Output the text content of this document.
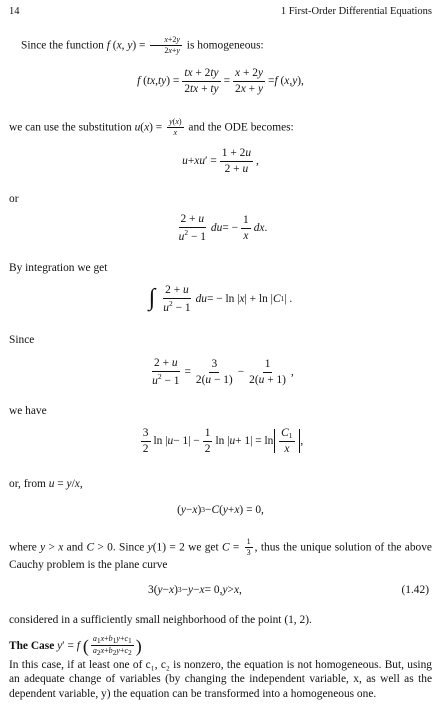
14	1 First-Order Differential Equations
Since the function f (x, $y) = \frac{x+2y}{2x+y}$ is homogeneous:
f ( tx , ty ) = $\frac{tx + 2ty}{2tx + ty} = \frac{x + 2y}{2x + y} = f$ ( x , y ),
we can use the substitution $u(x) = \frac{y(x)}{x}$ and the ODE becomes:
u + xu ′ = $\frac{1 + 2u}{2 + u}$ ,
or
$\frac{2 + u}{u^2 - 1}$ du = − $\frac{1}{x}$ dx .
By integration we get
∫ $\frac{2 + u}{u^2 - 1}$ du = − ln | x | + ln | C 1 | .
Since
$\frac{2 + u}{u^2 - 1} = \frac{3}{2(u - 1)} - \frac{1}{2(u + 1)}$ ,
we have
$\frac{3}{2}$ ln | $u - 1| - \frac{1}{2}$ ln | $u + 1| = \ln \frac{C_1}{x}$ ,
or, from u = y/x,
( y − x ) 3 − C ( y + x ) = 0,
where y > x and C > 0. Since y(1) = 2 we get $C = \frac{1}{3}$ , thus the unique solution of the above Cauchy problem is the plane curve
3( y − x ) 3 − y − x = 0, y > x ,	(1.42)
considered in a sufficiently small neighborhood of the point (1, 2).
The Case y′ = f ( $\frac{a_1x+b_1y+c_1}{a_2x+b_2y+c_2}$ )
In this case, if at least one of c₁, c₂ is nonzero, the equation is not homogeneous. But, using an adequate change of variables (by changing the independent variable, x, as well as the dependent variable, y) the equation can be transformed into a homogeneous one.
